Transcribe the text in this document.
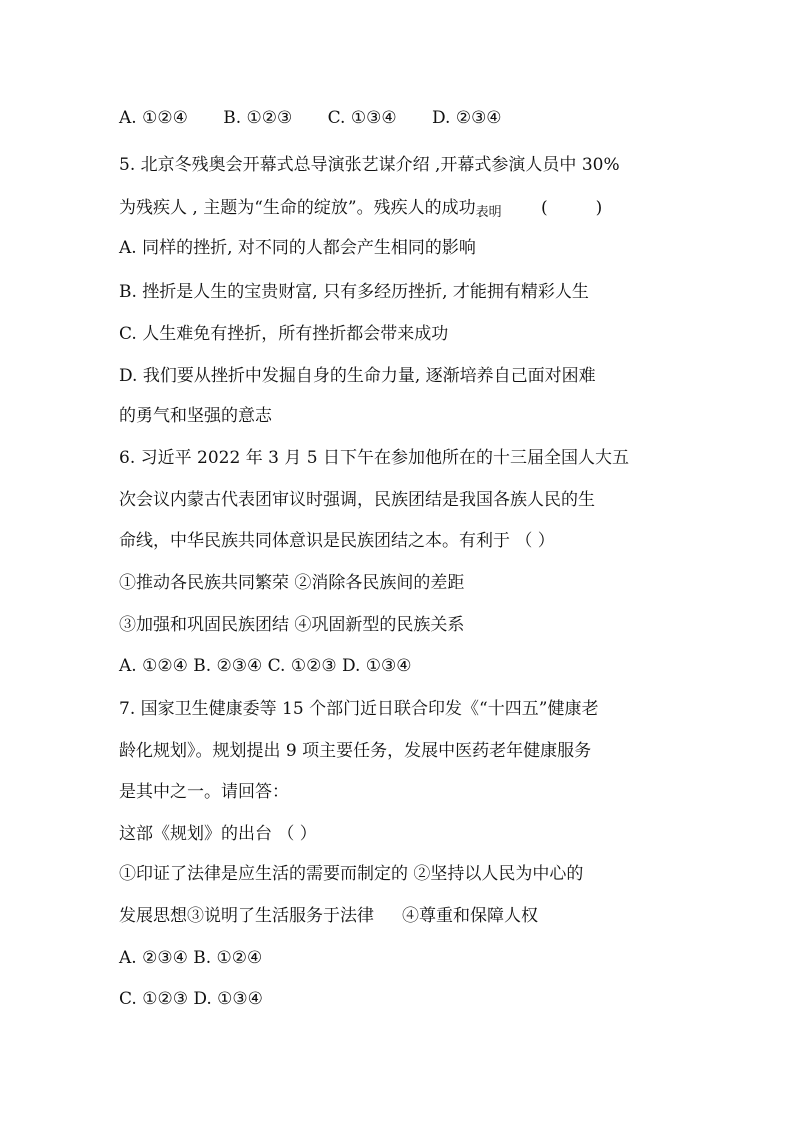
A. ①②④ B. ①②③ C. ①③④ D. ②③④
5. 北京冬残奥会开幕式总导演张艺谋介绍 ,开幕式参演人员中 30%
为残疾人 , 主题为“生命的绽放”。残疾人的成功表明 (	)
A. 同样的挫折, 对不同的人都会产生相同的影响
B. 挫折是人生的宝贵财富, 只有多经历挫折, 才能拥有精彩人生
C. 人生难免有挫折，所有挫折都会带来成功
D. 我们要从挫折中发掘自身的生命力量, 逐渐培养自己面对困难
的勇气和坚强的意志
6. 习近平 2022 年 3 月 5 日下午在参加他所在的十三届全国人大五
次会议内蒙古代表团审议时强调，民族团结是我国各族人民的生
命线，中华民族共同体意识是民族团结之本。有利于 （ ）
①推动各民族共同繁荣 ②消除各民族间的差距
③加强和巩固民族团结 ④巩固新型的民族关系
A. ①②④ B. ②③④ C. ①②③ D. ①③④
7. 国家卫生健康委等 15 个部门近日联合印发《“十四五”健康老
龄化规划》。规划提出 9 项主要任务，发展中医药老年健康服务
是其中之一。请回答：
这部《规划》的出台 （ ）
①印证了法律是应生活的需要而制定的 ②坚持以人民为中心的
发展思想③说明了生活服务于法律 ④尊重和保障人权
A. ②③④ B. ①②④
C. ①②③ D. ①③④
